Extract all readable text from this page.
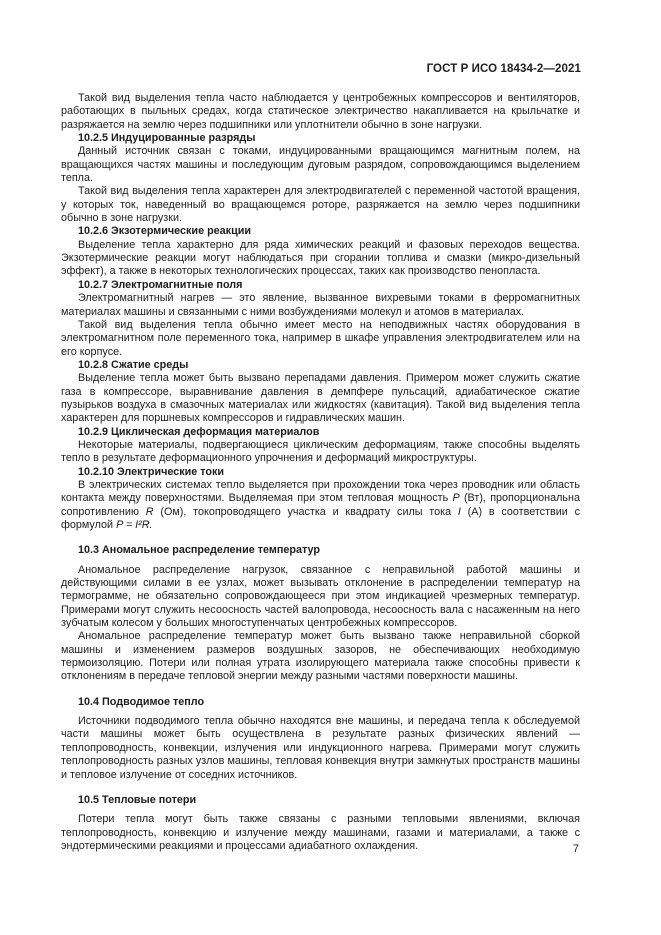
ГОСТ Р ИСО 18434-2—2021

Такой вид выделения тепла часто наблюдается у центробежных компрессоров и вентиляторов, работающих в пыльных средах, когда статическое электричество накапливается на крыльчатке и разряжается на землю через подшипники или уплотнители обычно в зоне нагрузки.

10.2.5 Индуцированные разряды

Данный источник связан с токами, индуцированными вращающимся магнитным полем, на вращающихся частях машины и последующим дуговым разрядом, сопровождающимся выделением тепла.

Такой вид выделения тепла характерен для электродвигателей с переменной частотой вращения, у которых ток, наведенный во вращающемся роторе, разряжается на землю через подшипники обычно в зоне нагрузки.

10.2.6 Экзотермические реакции

Выделение тепла характерно для ряда химических реакций и фазовых переходов вещества. Экзотермические реакции могут наблюдаться при сгорании топлива и смазки (микро-дизельный эффект), а также в некоторых технологических процессах, таких как производство пенопласта.

10.2.7 Электромагнитные поля

Электромагнитный нагрев — это явление, вызванное вихревыми токами в ферромагнитных материалах машины и связанными с ними возбуждениями молекул и атомов в материалах.

Такой вид выделения тепла обычно имеет место на неподвижных частях оборудования в электромагнитном поле переменного тока, например в шкафе управления электродвигателем или на его корпусе.

10.2.8 Сжатие среды

Выделение тепла может быть вызвано перепадами давления. Примером может служить сжатие газа в компрессоре, выравнивание давления в демпфере пульсаций, адиабатическое сжатие пузырьков воздуха в смазочных материалах или жидкостях (кавитация). Такой вид выделения тепла характерен для поршневых компрессоров и гидравлических машин.

10.2.9 Циклическая деформация материалов

Некоторые материалы, подвергающиеся циклическим деформациям, также способны выделять тепло в результате деформационного упрочнения и деформаций микроструктуры.

10.2.10 Электрические токи

В электрических системах тепло выделяется при прохождении тока через проводник или область контакта между поверхностями. Выделяемая при этом тепловая мощность P (Вт), пропорциональна сопротивлению R (Ом), токопроводящего участка и квадрату силы тока I (А) в соответствии с формулой P = I²R.

10.3 Аномальное распределение температур

Аномальное распределение нагрузок, связанное с неправильной работой машины и действующими силами в ее узлах, может вызывать отклонение в распределении температур на термограмме, не обязательно сопровождающееся при этом индикацией чрезмерных температур. Примерами могут служить несоосность частей валопровода, несоосность вала с насаженным на него зубчатым колесом у больших многоступенчатых центробежных компрессоров.

Аномальное распределение температур может быть вызвано также неправильной сборкой машины и изменением размеров воздушных зазоров, не обеспечивающих необходимую термоизоляцию. Потери или полная утрата изолирующего материала также способны привести к отклонениям в передаче тепловой энергии между разными частями поверхности машины.

10.4 Подводимое тепло

Источники подводимого тепла обычно находятся вне машины, и передача тепла к обследуемой части машины может быть осуществлена в результате разных физических явлений — теплопроводность, конвекции, излучения или индукционного нагрева. Примерами могут служить теплопроводность разных узлов машины, тепловая конвекция внутри замкнутых пространств машины и тепловое излучение от соседних источников.

10.5 Тепловые потери

Потери тепла могут быть также связаны с разными тепловыми явлениями, включая теплопроводность, конвекцию и излучение между машинами, газами и материалами, а также с эндотермическими реакциями и процессами адиабатного охлаждения.	7
